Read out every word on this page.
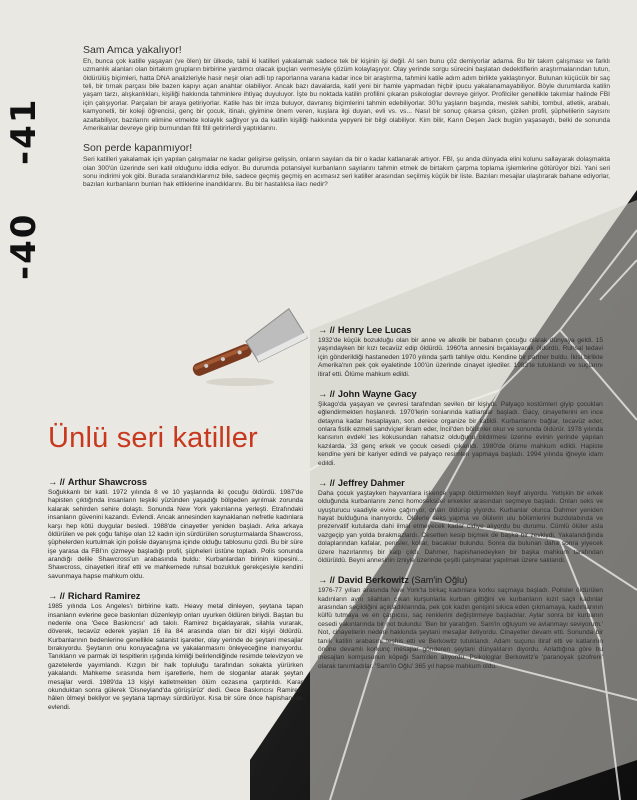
-41
-40
Sam Amca yakalıyor!

Eh, bunca çok katille yaşayan (ve ölen) bir ülkede, tabii ki katilleri yakalamak sadece tek bir kişinin işi değil. Al sen bunu çöz demiyorlar adama. Bu bir takım çalışması ve farklı uzmanlık alanları olan birtakım grupların birbirine yardımcı olacak ipuçları vermesiyle çözüm kolaylaşıyor. Olay yerinde sorgu sürecini başlatan dedektiflerin araştırmalarından tutun, öldürülüş biçimleri, hatta DNA analizleriyle hasir neşir olan adli tıp raporlarına varana kadar ince bir araştırma, tahmini katile adım adım birlikte yaklaştırıyor. Bulunan küçücük bir saç teli, bir tırnak parçası bile bazen kapıyı açan anahtar olabiliyor. Ancak bazı davalarda, katil yeni bir hamle yapmadan hiçbir ipucu yakalanamayabiliyor. Böyle durumlarda katilin yaşam tarzı, alışkanlıkları, kişiliği hakkında tahminlere ihtiyaç duyuluyor. İşte bu noktada katilin profilini çıkaran psikologlar devreye giriyor. Profilciler genellikle takımlar halinde FBI için çalışıyorlar. Parçaları bir araya getiriyorlar. Katile has bir imza buluyor, davranış biçimlerini tahmin edebiliyorlar. 30'lu yaşların başında, meslek sahibi, tombul, atletik, arabalı, kamyonetli, bir koleji öğrencisi, genç bir çocuk, itinalı, giyimine önem veren, kuşlara ilgi duyan, evli vs. vs... Nasıl bir sonuç çıkarsa çıksın, çizilen profil, şüphelilerin sayısını azaltabiliyor, bazılarını elimine etmekte kolaylık sağlıyor ya da katilin kişiliği hakkında yepyeni bir bilgi olabiliyor. Kim bilir, Karın Deşen Jack bugün yaşasaydı, belki de sonunda Amerikalılar devreye girip burnundan fitil fitil getirirlerdi yaptıklarını.

Son perde kapanmıyor!

Seri katilleri yakalamak için yapılan çalışmalar ne kadar gelişirse gelişsin, onların sayıları da bir o kadar katlanarak artıyor. FBI, şu anda dünyada elini kolunu sallayarak dolaşmakta olan 300'ün üzerinde seri katil olduğunu iddia ediyor. Bu durumda potansiyel kurbanların sayılarını tahmin etmek de birtakım çarpma toplama işlemlerine götürüyor bizi. Yani seri sonu indirimi yok gibi. Burada sıralandıklarımız bile, sadece geçmiş geçmiş en acımasız seri katiller arasından seçilmiş küçük bir liste. Bazıları mesajlar ulaştırarak bahane ediyorlar, bazıları kurbanların bunları hak ettiklerine inandıklarını. Bu bir hastalıksa ilacı nedir?

Ünlü seri katiller
→ // Arthur Shawcross

Soğukkanlı bir katil. 1972 yılında 8 ve 10 yaşlarında iki çocuğu öldürdü. 1987'de hapisten çıktığında insanların teşkiki yüzünden yaşadığı bölgeden ayrılmak zorunda kalarak sehirden sehire dolaştı. Sonunda New York yakınlarına yerleşti. Etrafındaki insanların güvenini kazandı. Evlendi. Ancak annesinden kaynaklanan nefretle kadınlara karşı hep kötü duygular besledi. 1988'de cinayetler yeniden başladı. Arka arkaya öldürülen ve pek çoğu fahişe olan 12 kadın için sürdürülen soruşturmalarda Shawcross, şüphelerden kurtulmak için polisle dayanışma içinde olduğu tablosunu çizdi. Bu bir süre işe yarasa da FBI'ın çizmeye başladığı profil, şüpheleri üstüne topladı. Polis sonunda arandığı delile Shawcross'un arabasında buldu: Kurbanlardan birinin küpesini... Shawcross, cinayetleri itiraf etti ve mahkemede ruhsal bozukluk gerekçesiyle kendini savunmaya hapse mahkum oldu.

→ // Richard Ramirez

1985 yılında Los Angeles'ı birbirine kattı. Heavy metal dinleyen, şeytana tapan insanların evlerine gece baskınları düzenleyip onları uyurken öldüren biriydi. Baştan bu nedenle ona 'Gece Baskıncısı' adı takılı. Ramirez bıçaklayarak, silahla vurarak, döverek, tecavüz ederek yaşları 16 ila 84 arasında olan bir dizi kişiyi öldürdü. Kurbanlarının bedenlerine genellikle satanist işaretler, olay yerinde de şeytani mesajlar bırakıyordu. Şeytanın onu koruyacağına ve yakalanmasını önleyeceğine inanıyordu. Tanıkların ve parmak izi tespitlerin ışığında kimliği belirlendiğinde resimde televizyon ve gazetelerde yayımlandı. Kızgın bir halk topluluğu tarafından sokakta yürürken yakalandı. Mahkeme sırasında hem işaretlerle, hem de sloganlar atarak şeytan mesajlar verdi. 1989'da 13 kişiyi katletmekten ölüm cezasına çarptırıldı. Karar okunduktan sonra gülerek 'Disneyland'da görüşürüz' dedi. Gece Baskıncısı Ramirez, hâlen ölmeyi bekliyor ve şeytana tapmayı sürdürüyor. Kısa bir süre önce hapishanede evlendi.

→ // Henry Lee Lucas

1932'de küçük bozukluğu olan bir anne ve alkolik bir babanın çocuğu olarak dünyaya geldi. 15 yaşındayken bir kızı tecavüz edip öldürdü. 1960'ta annesini bıçaklayarak öldürdü. Ruhsal tedavi için gönderildiği hastaneden 1970 yılında şartlı tahliye oldu. Kendine bir partner buldu. İkisi birlikte Amerika'nın pek çok eyaletinde 100'ün üzerinde cinayet işlediler. 1983'te tutuklandı ve suçlarını itiraf etti. Ölüme mahkum edildi.

→ // John Wayne Gacy

Şikago'da yaşayan ve çevresi tarafından sevilen bir kişiydi. Palyaço kostümleri giyip çocukları eğlendirmekten hoşlanırdı. 1970'lerin sonlarında katliamlar başladı. Gacy, cinayetlerini en ince detayına kadar hesaplayan, son derece organize bir katildi. Kurbanlarını bağlar, tecavüz eder, onlara fistik ezmeli sandviçler ikram eder, İncil'den bölümler okur ve sonunda öldürür. 1978 yılında karısının evdeki tes kokusundan rahatsız olduğunu bildirmesi üzerine evinin yerinde yapılan kazılarda, 33 genç erkek ve çocuk cesedi çıkarıldı. 1980'de ölüme mahkum edildi. Hapiste kendine yeni bir kariyer edindi ve palyaço resimleri yapmaya başladı. 1994 yılında iğneyle idam edildi.

→ // Jeffrey Dahmer

Daha çocuk yaştayken hayvanlara işkence yapıp öldürmekten keyif alıyordu. Yetişkin bir erkek olduğunda kurbanlarını zenci homoseksüel erkekler arasından seçmeye başladı. Onları seks ve uyuşturucu vaadiyle evine çağırıyor, onları öldürüp yiyordu. Kurbanlar olunca Dahmer yeniden hayat bulduğuna inanıyordu. Ölülerle seks yapma ve ölülerin ulu bölümlerini buzdolabında ve prezervatif kutularda dahi ilmal etmeyecek kadar cidiye alıyordu bu durumu. Cümlü ölüler asla vazgeçip yan yolda bırakmazlardı. Cesetten kesip biçmek de başka bir zevkiydi. Yakalandığında dolaplarından kafalar, penisler, kollar, bacaklar bulundu. Sonra da bulunan daha sonra yiyecek üzere hazırlanmış bir kalp çıktı. Dahmer, hapishanedeyken bir başka mahkum tarafından öldürüldü. Beyni annesinin izniyle üzerinde çeşitli çalışmalar yapılmak üzere saklandı.

→ // David Berkowitz (Sam'in Oğlu)

1976-77 yılları arasında New York'ta birkaç kadınlara korku saçmaya başladı. Polisler öldürülen kadınların aynı silahtan çıkan kurşunlarla kurban gittiğini ve kurbanların kızıl saçlı kadınlar arasından seçildiğini açıkladıklarında, pek çok kadın genişini sıkıca eden çıkmamaya, kadınlarının külfü tutmaya ve en çarpıcısı, saç renklerini değiştirmeye başladılar. Aylar sonra bir kurbanın cesedi yakınlarında bir not bulundu: 'Ben bir yaratığım. Sam'in oğluyum ve avlanmayı seviyorum.' Not, cinayetlerin nedeni hakkında şeytani mesajlar iletiyordu. Cinayetler devam etti. Sonunda bir tanık katilin arabasını teşhis etti ve Berkowitz tutuklandı. Adam suçunu itiraf etti ve katlarının önüne devamlı korkunç mesajlar gönderen şeytani dünyalıların diyordu. Anlattığına göre bu mesajları komşusunun köpeği Sam'den alıyordu. Psikologlar Berkowitz'e 'paranoyak şizofreni' olarak tanımladılar. 'Sam'in Oğlu' 365 yıl hapse mahkum oldu.
